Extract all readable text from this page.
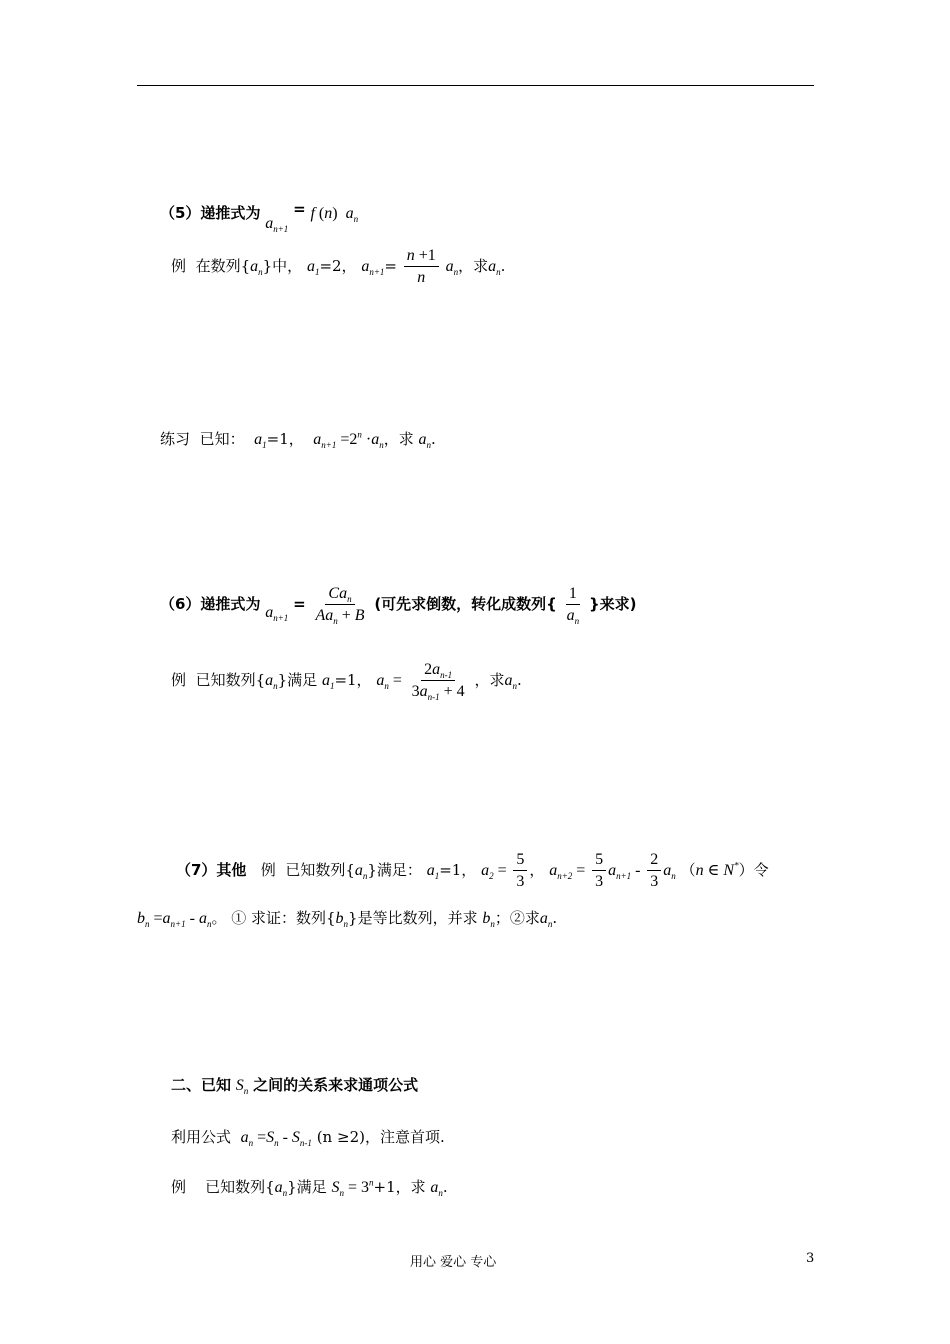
（5）递推式为 $a_{n+1} = f$ (n)  $a_n$
例 在数列$\{a_n\}$中， $a_1=2$， $a_{n+1}= \frac{n +1}{n} a_n$，求$a_n$.
练习 已知： $a_1=1$， $a_{n+1} =2^n \cdot a_n$，求 $a_n$.
（6）递推式为 $a_{n+1} = \frac{Ca_n}{Aa_n + B}$ (可先求倒数，转化成数列{ $\frac{1}{a_n}$ }来求)
例 已知数列$\{a_n\}$满足 $a_1=1$， $a_n = \frac{2a_{n-1}}{3a_{n-1} + 4}$ ，求$a_n$.
（7）其他 例 已知数列$\{a_n\}$满足： $a_1=1$， $a_2 = \frac{5}{3}$ ， $a_{n+2} = \frac{5}{3} a_{n+1} - \frac{2}{3} a_n$ （n ∈ N*）令
$b_n =a_{n+1} - a_n$。 ① 求证：数列$\{b_n\}$是等比数列，并求 $b_n$；②求$a_n$.
二、已知 $S_n$ 之间的关系来求通项公式
利用公式 $a_n =S_n - S_{n-1}$ (n ≥2)，注意首项.
例 已知数列$\{a_n\}$满足 $S_n = 3^n+1$，求 $a_n$.
用心 爱心 专心	3
